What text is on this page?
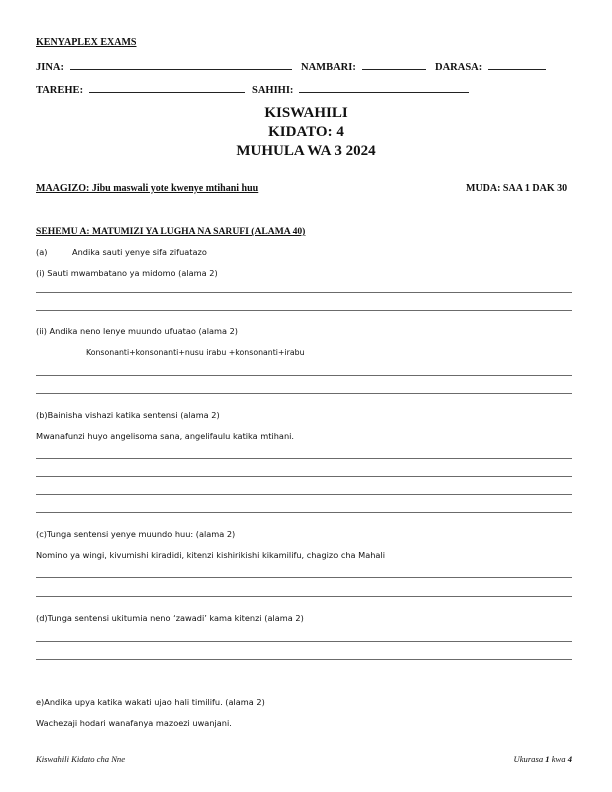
KENYAPLEX EXAMS
JINA:	NAMBARI:	DARASA:
TAREHE:	SAHIHI:
KISWAHILI
KIDATO: 4
MUHULA WA 3 2024
MAAGIZO: Jibu maswali yote kwenye mtihani huu	MUDA: SAA 1 DAK 30
SEHEMU A: MATUMIZI YA LUGHA NA SARUFI (ALAMA 40)
(a)	Andika sauti yenye sifa zifuatazo
(i) Sauti mwambatano ya midomo (alama 2)
(ii) Andika neno lenye muundo ufuatao (alama 2)
Konsonanti+konsonanti+nusu irabu +konsonanti+irabu
(b)Bainisha vishazi katika sentensi (alama 2)
Mwanafunzi huyo angelisoma sana, angelifaulu katika mtihani.
(c)Tunga sentensi yenye muundo huu: (alama 2)
Nomino ya wingi, kivumishi kiradidi, kitenzi kishirikishi kikamilifu, chagizo cha Mahali
(d)Tunga sentensi ukitumia neno ‘zawadi’ kama kitenzi (alama 2)
e)Andika upya katika wakati ujao hali timilifu. (alama 2)
Wachezaji hodari wanafanya mazoezi uwanjani.
Kiswahili Kidato cha Nne	Ukurasa 1 kwa 4
